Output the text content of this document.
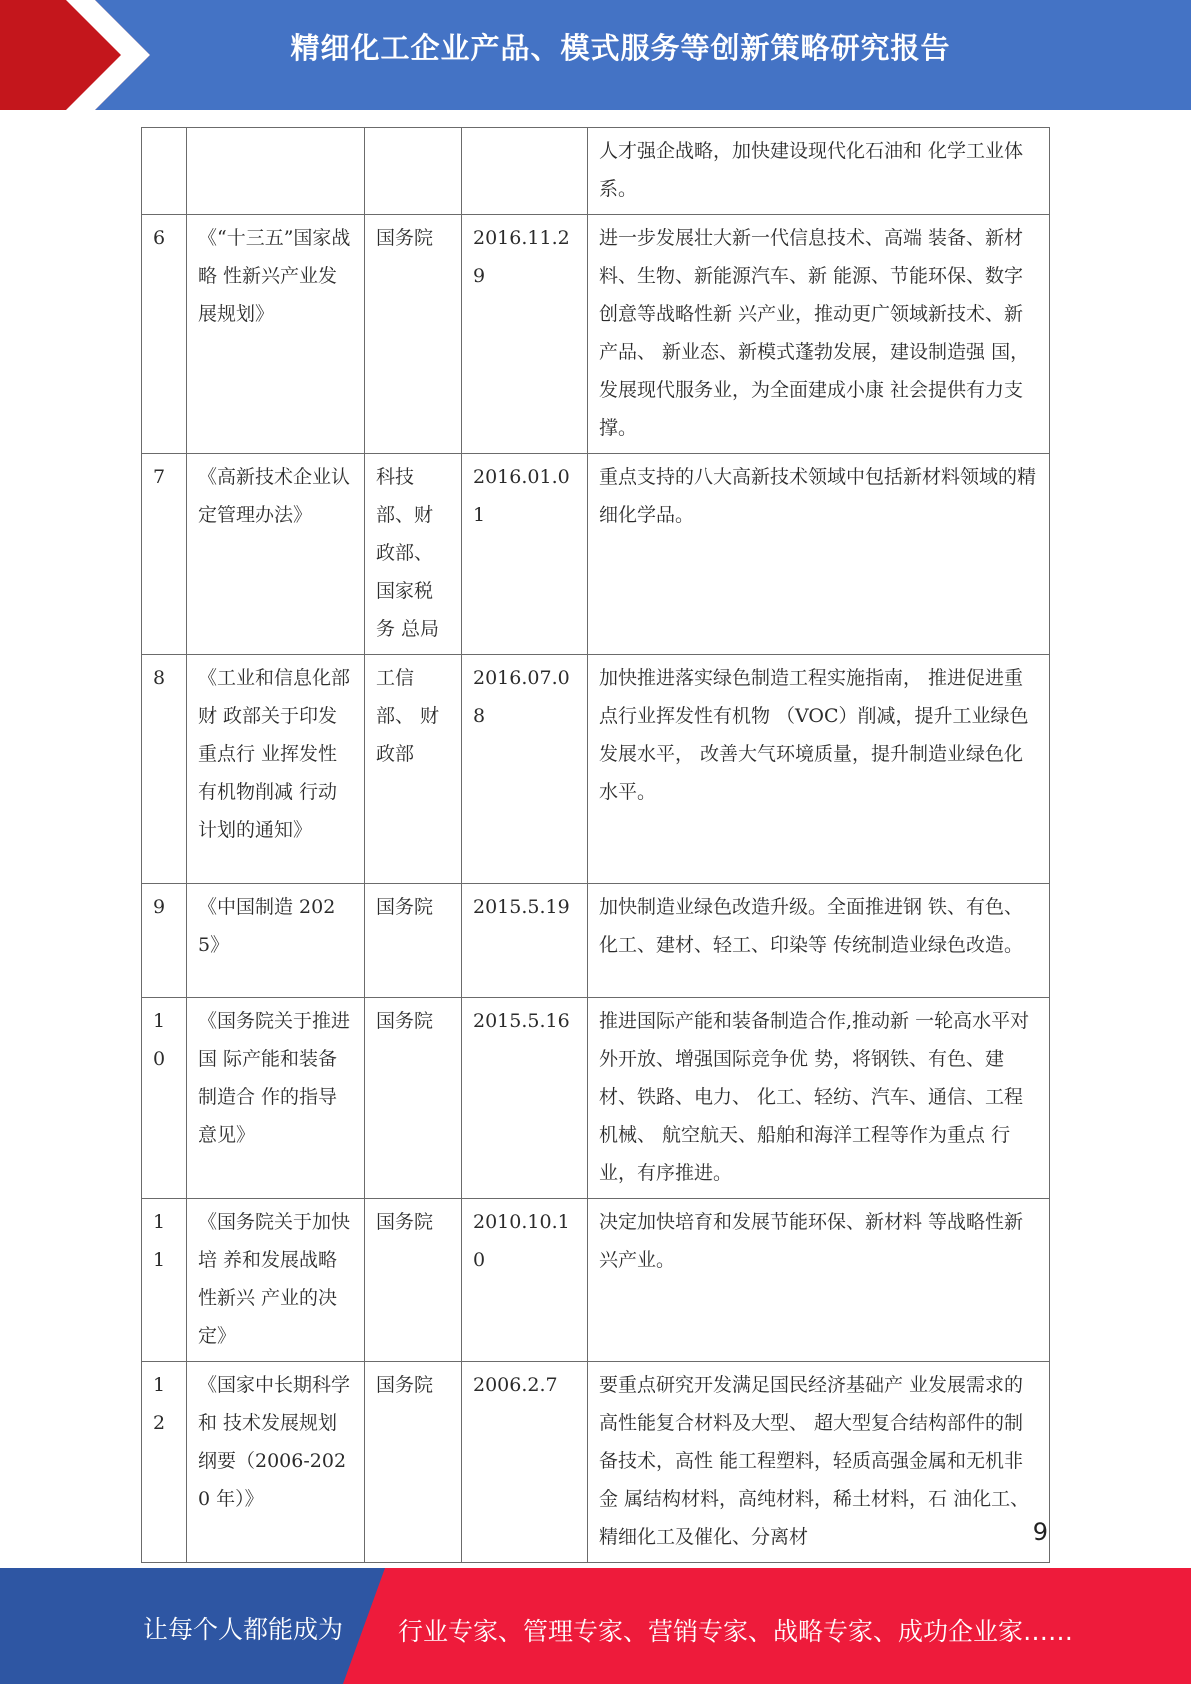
精细化工企业产品、模式服务等创新策略研究报告
				人才强企战略，加快建设现代化石油和 化学工业体系。
6	《“十三五”国家战略 性新兴产业发展规划》	国务院	2016.11.29	进一步发展壮大新一代信息技术、高端 装备、新材料、生物、新能源汽车、新 能源、节能环保、数字创意等战略性新 兴产业，推动更广领域新技术、新产品、 新业态、新模式蓬勃发展，建设制造强 国，发展现代服务业，为全面建成小康 社会提供有力支撑。
7	《高新技术企业认定管理办法》	科技部、财政部、国家税务 总局	2016.01.01	重点支持的八大高新技术领域中包括新材料领域的精细化学品。
8	《工业和信息化部财 政部关于印发重点行 业挥发性有机物削减 行动计划的通知》	工信部、 财政部	2016.07.08	加快推进落实绿色制造工程实施指南， 推进促进重点行业挥发性有机物 （VOC）削减，提升工业绿色发展水平， 改善大气环境质量，提升制造业绿色化 水平。
9	《中国制造 2025》	国务院	2015.5.19	加快制造业绿色改造升级。全面推进钢 铁、有色、化工、建材、轻工、印染等 传统制造业绿色改造。
10	《国务院关于推进国 际产能和装备制造合 作的指导意见》	国务院	2015.5.16	推进国际产能和装备制造合作,推动新 一轮高水平对外开放、增强国际竞争优 势，将钢铁、有色、建材、铁路、电力、 化工、轻纺、汽车、通信、工程机械、 航空航天、船舶和海洋工程等作为重点 行业，有序推进。
11	《国务院关于加快培 养和发展战略性新兴 产业的决定》	国务院	2010.10.10	决定加快培育和发展节能环保、新材料 等战略性新兴产业。
12	《国家中长期科学和 技术发展规划纲要（2006-2020 年）》	国务院	2006.2.7	要重点研究开发满足国民经济基础产 业发展需求的高性能复合材料及大型、 超大型复合结构部件的制备技术，高性 能工程塑料，轻质高强金属和无机非金 属结构材料，高纯材料，稀土材料，石 油化工、精细化工及催化、分离材	9
让每个人都能成为 行业专家、管理专家、营销专家、战略专家、成功企业家……
